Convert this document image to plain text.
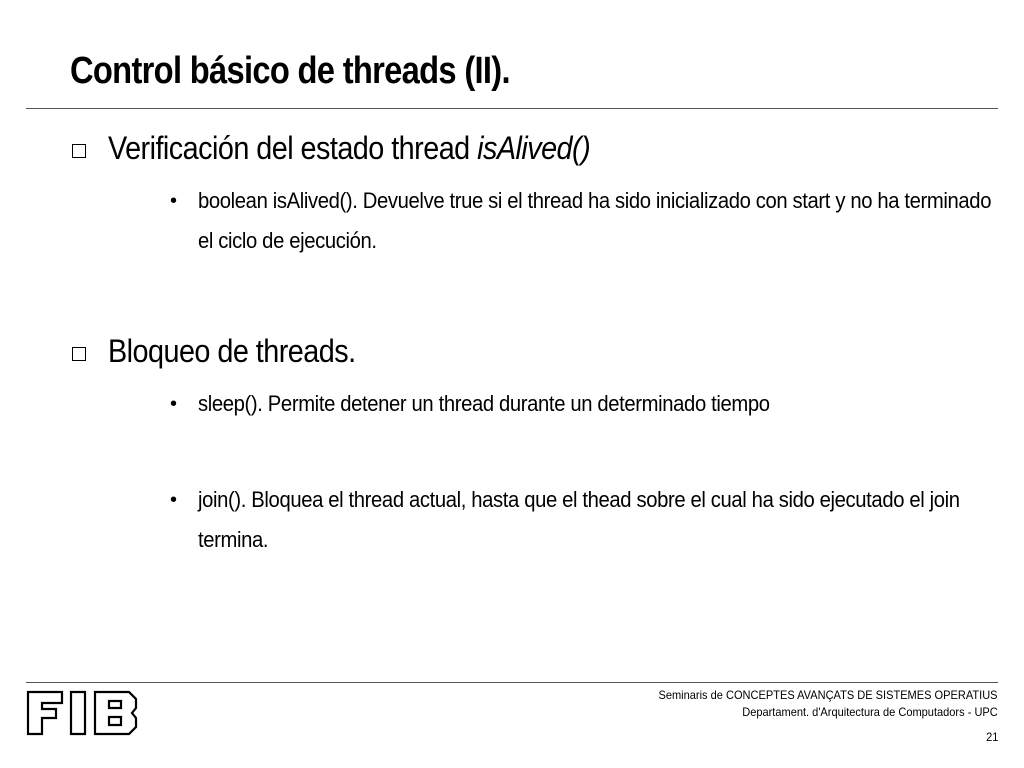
Control básico de threads (II).
Verificación del estado thread isAlived()
• boolean isAlived(). Devuelve true si el thread ha sido inicializado con start y no ha terminado el ciclo de ejecución.
Bloqueo de threads.
• sleep(). Permite detener un thread durante un determinado tiempo
• join(). Bloquea el thread actual, hasta que el thead sobre el cual ha sido ejecutado el join termina.
Seminaris de CONCEPTES AVANÇATS DE SISTEMES OPERATIUS
Departament. d'Arquitectura de Computadors - UPC
21
